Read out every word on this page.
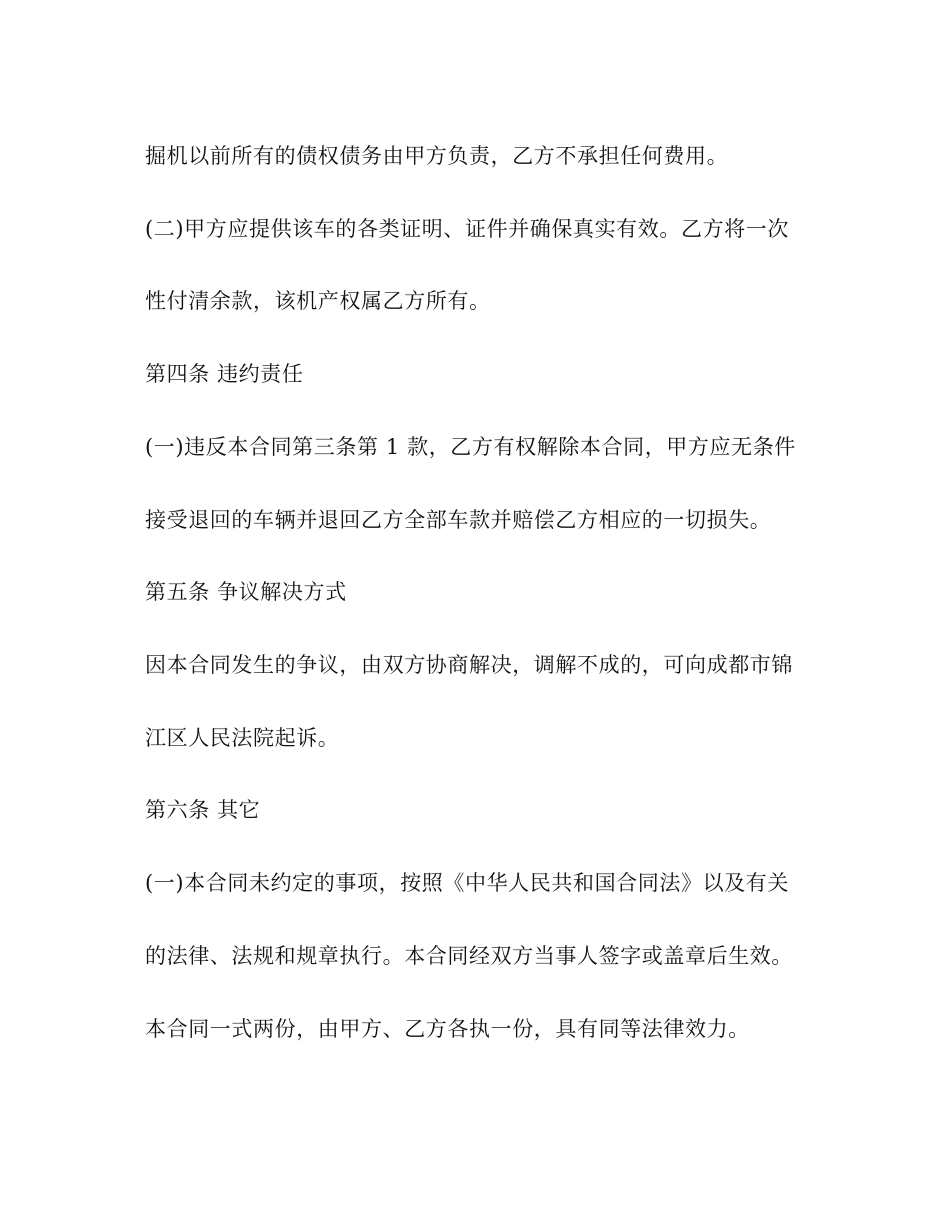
掘机以前所有的债权债务由甲方负责，乙方不承担任何费用。
(二)甲方应提供该车的各类证明、证件并确保真实有效。乙方将一次
性付清余款，该机产权属乙方所有。
第四条 违约责任
(一)违反本合同第三条第 1 款，乙方有权解除本合同，甲方应无条件
接受退回的车辆并退回乙方全部车款并赔偿乙方相应的一切损失。
第五条 争议解决方式
因本合同发生的争议，由双方协商解决，调解不成的，可向成都市锦
江区人民法院起诉。
第六条 其它
(一)本合同未约定的事项，按照《中华人民共和国合同法》以及有关
的法律、法规和规章执行。本合同经双方当事人签字或盖章后生效。
本合同一式两份，由甲方、乙方各执一份，具有同等法律效力。
